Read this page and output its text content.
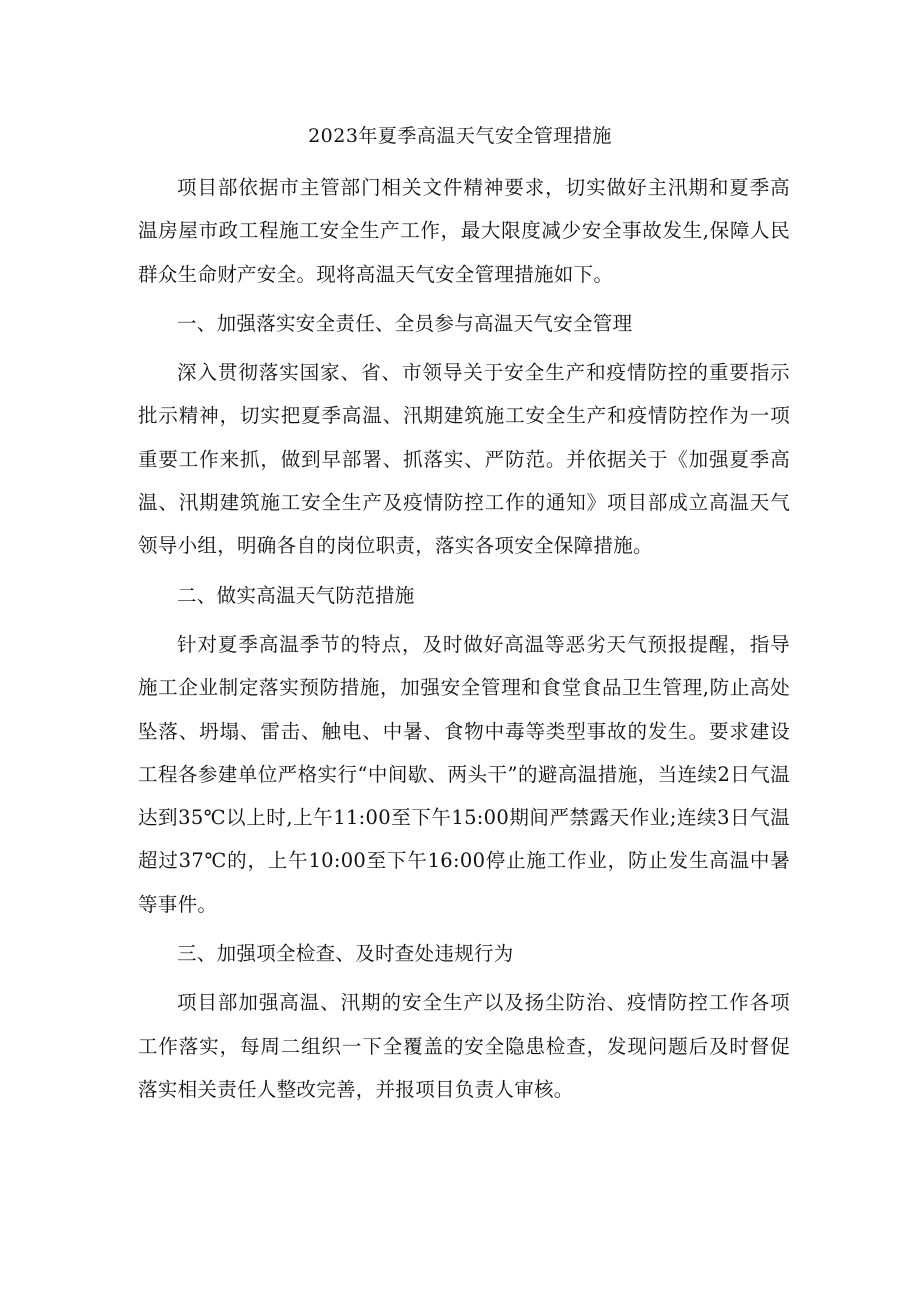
2023年夏季高温天气安全管理措施

项目部依据市主管部门相关文件精神要求，切实做好主汛期和夏季高温房屋市政工程施工安全生产工作，最大限度减少安全事故发生,保障人民群众生命财产安全。现将高温天气安全管理措施如下。

一、加强落实安全责任、全员参与高温天气安全管理

深入贯彻落实国家、省、市领导关于安全生产和疫情防控的重要指示批示精神，切实把夏季高温、汛期建筑施工安全生产和疫情防控作为一项重要工作来抓，做到早部署、抓落实、严防范。并依据关于《加强夏季高温、汛期建筑施工安全生产及疫情防控工作的通知》项目部成立高温天气领导小组，明确各自的岗位职责，落实各项安全保障措施。

二、做实高温天气防范措施

针对夏季高温季节的特点，及时做好高温等恶劣天气预报提醒，指导施工企业制定落实预防措施，加强安全管理和食堂食品卫生管理,防止高处坠落、坍塌、雷击、触电、中暑、食物中毒等类型事故的发生。要求建设工程各参建单位严格实行“中间歇、两头干”的避高温措施，当连续2日气温达到35℃以上时,上午11:00至下午15:00期间严禁露天作业;连续3日气温超过37℃的，上午10:00至下午16:00停止施工作业，防止发生高温中暑等事件。

三、加强项全检查、及时查处违规行为

项目部加强高温、汛期的安全生产以及扬尘防治、疫情防控工作各项工作落实，每周二组织一下全覆盖的安全隐患检查，发现问题后及时督促落实相关责任人整改完善，并报项目负责人审核。
